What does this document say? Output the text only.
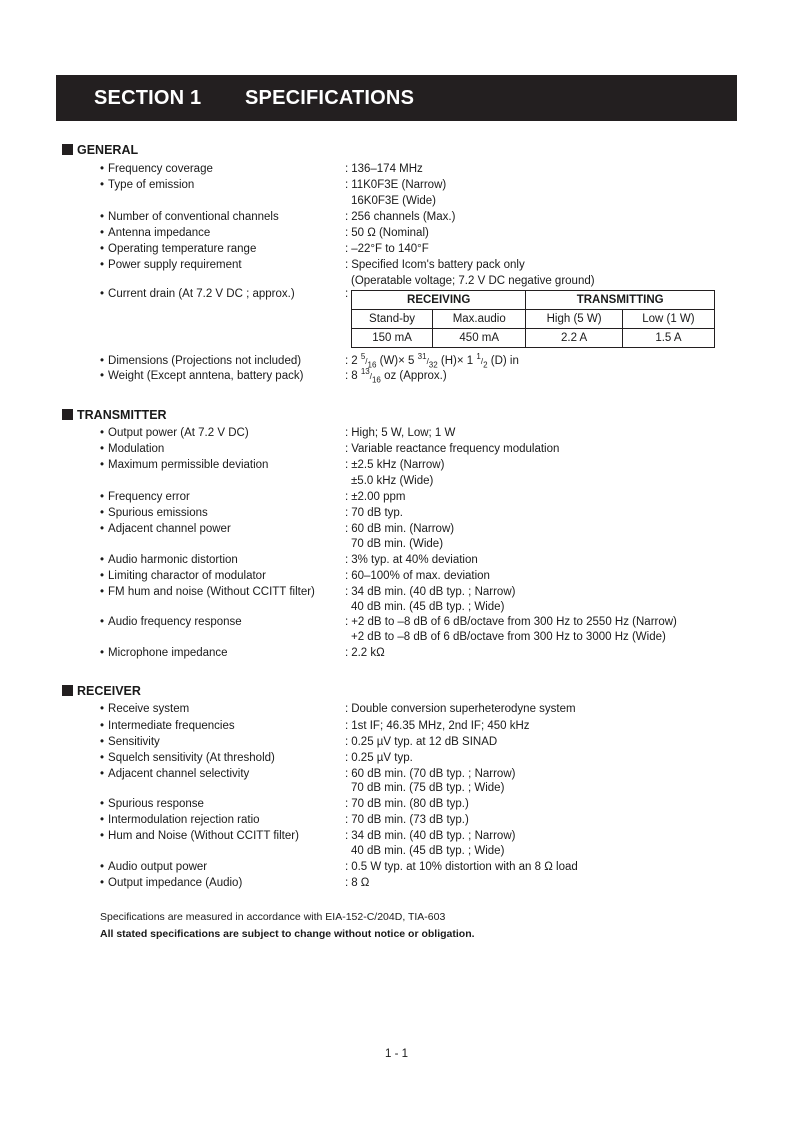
SECTION 1 SPECIFICATIONS
GENERAL
• Frequency coverage	: 136–174 MHz
• Type of emission	: 11K0F3E (Narrow)
16K0F3E (Wide)
• Number of conventional channels	: 256 channels (Max.)
• Antenna impedance	: 50 Ω (Nominal)
• Operating temperature range	: –22°F to 140°F
• Power supply requirement	: Specified Icom's battery pack only
(Operatable voltage; 7.2 V DC negative ground)
• Current drain (At 7.2 V DC ; approx.)	:	RECEIVING		TRANSMITTING	
Stand-by	Max.audio	High (5 W)	Low (1 W)
150 mA	450 mA	2.2 A	1.5 A
• Dimensions (Projections not included)	: 2 $^5/_{16}$ (W)× 5 $^{31}/_{32}$ (H)× 1 $^1/_2$ (D) in
• Weight (Except anntena, battery pack)	: 8 $^{13}/_{16}$ oz (Approx.)
TRANSMITTER
• Output power (At 7.2 V DC)	: High; 5 W, Low; 1 W
• Modulation	: Variable reactance frequency modulation
• Maximum permissible deviation	: ±2.5 kHz (Narrow)
±5.0 kHz (Wide)
• Frequency error	: ±2.00 ppm
• Spurious emissions	: 70 dB typ.
• Adjacent channel power	: 60 dB min. (Narrow)
70 dB min. (Wide)
• Audio harmonic distortion	: 3% typ. at 40% deviation
• Limiting charactor of modulator	: 60–100% of max. deviation
• FM hum and noise (Without CCITT filter)	: 34 dB min. (40 dB typ. ; Narrow)
40 dB min. (45 dB typ. ; Wide)
• Audio frequency response	: +2 dB to –8 dB of 6 dB/octave from 300 Hz to 2550 Hz (Narrow)
+2 dB to –8 dB of 6 dB/octave from 300 Hz to 3000 Hz (Wide)
• Microphone impedance	: 2.2 kΩ
RECEIVER
• Receive system	: Double conversion superheterodyne system
• Intermediate frequencies	: 1st IF; 46.35 MHz, 2nd IF; 450 kHz
• Sensitivity	: 0.25 µV typ. at 12 dB SINAD
• Squelch sensitivity (At threshold)	: 0.25 µV typ.
• Adjacent channel selectivity	: 60 dB min. (70 dB typ. ; Narrow)
70 dB min. (75 dB typ. ; Wide)
• Spurious response	: 70 dB min. (80 dB typ.)
• Intermodulation rejection ratio	: 70 dB min. (73 dB typ.)
• Hum and Noise (Without CCITT filter)	: 34 dB min. (40 dB typ. ; Narrow)
40 dB min. (45 dB typ. ; Wide)
• Audio output power	: 0.5 W typ. at 10% distortion with an 8 Ω load
• Output impedance (Audio)	: 8 Ω
Specifications are measured in accordance with EIA-152-C/204D, TIA-603
All stated specifications are subject to change without notice or obligation.
1 - 1
